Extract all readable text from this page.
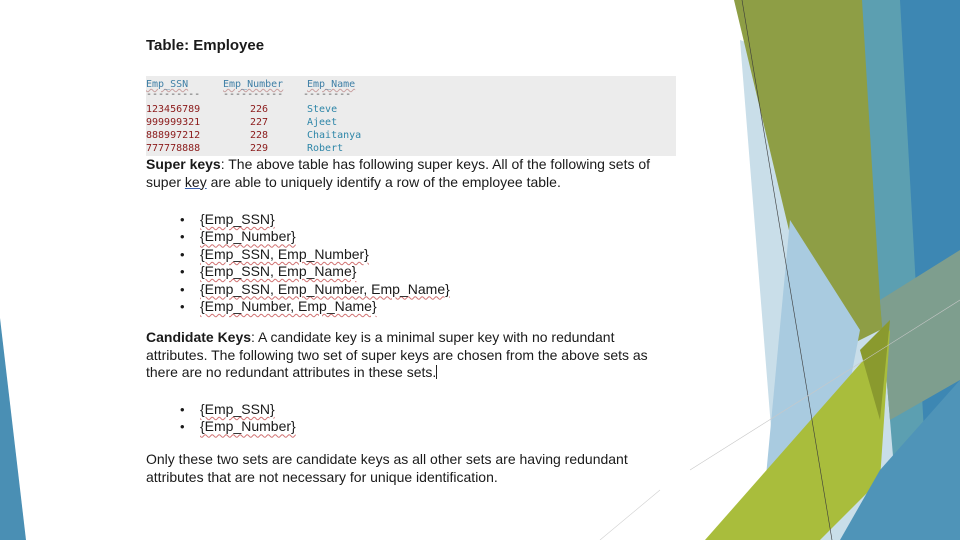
Table: Employee
Emp_SSN	Emp_Number Emp_Name
--------- ---------- --------
123456789	226	Steve
999999321	227	Ajeet
888997212	228	Chaitanya
777778888	229	Robert
Super keys: The above table has following super keys. All of the following sets of super key are able to uniquely identify a row of the employee table.
• {Emp_SSN}
• {Emp_Number}
• {Emp_SSN, Emp_Number}
• {Emp_SSN, Emp_Name}
• {Emp_SSN, Emp_Number, Emp_Name}
• {Emp_Number, Emp_Name}
Candidate Keys: A candidate key is a minimal super key with no redundant attributes. The following two set of super keys are chosen from the above sets as there are no redundant attributes in these sets.
• {Emp_SSN}
• {Emp_Number}
Only these two sets are candidate keys as all other sets are having redundant attributes that are not necessary for unique identification.
